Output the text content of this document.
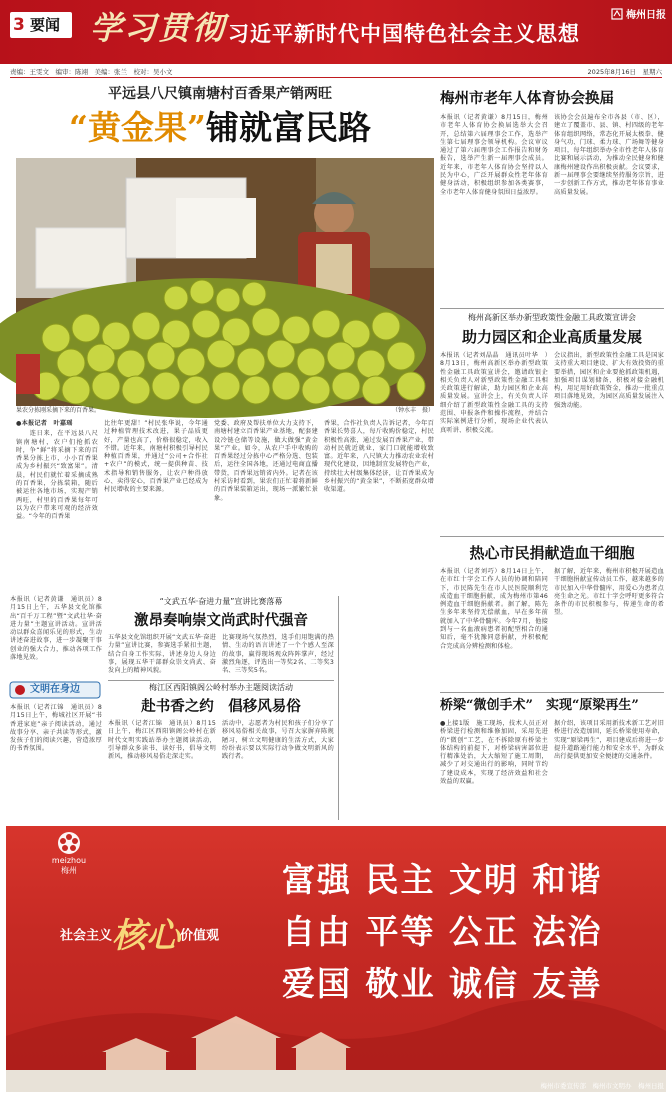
3 要闻 学习贯彻 习近平新时代中国特色社会主义思想
梅州日报
责编：王雯文　编审：陈翊　美编：张兰　校对：吴小文	2025年8月16日　星期六
平远县八尺镇南塘村百香果产销两旺
“黄金果”铺就富民路
果农分拣刚采摘下来的百香果。	（钟水丰　摄）
●本报记者　叶嘉瑶
　　连日来，在平远县八尺镇南塘村，农户们抢抓农时，争“鲜”将采摘下来的百香果分拣上市，小小百香果成为乡村振兴“致富果”。清晨，村民们就忙着采摘成熟的百香果，分拣装箱，随后被运往各地市场，实现产销两旺，村里的百香果每年可以为农户带来可观的经济效益。“今年的百香果
比往年更甜！”村民张华说，今年通过种植管理技术改进，果子品质更好，产量也高了，价格很稳定，收入不错。近年来，南塘村积极引导村民种植百香果，并通过“公司+合作社+农户”的模式，统一提供种苗、技术指导和销售服务，让农户种得放心、卖得安心，百香果产业已经成为村民增收的主要来源。
党委、政府及帮扶单位大力支持下，南塘村建立百香果产业基地，配套建设冷链仓储等设施，做大做强“黄金果”产业。如今，从农户手中收购的百香果经过分拣中心严格分选、包装后，运往全国各地，还通过电商直播带货，百香果远销省内外。记者在该村采访时看到，果农们正忙着将新鲜的百香果装箱运出，现场一派繁忙景象。
香果，合作社负责人告诉记者，今年百香果长势喜人，每斤收购价稳定，村民积极性高涨，通过发展百香果产业，带动村民就近就业，家门口就能增收致富。近年来，八尺镇大力推动农业农村现代化建设，因地制宜发展特色产业，持续壮大村级集体经济，让百香果成为乡村振兴的“黄金果”，不断拓宽群众增收渠道。
梅州市老年人体育协会换届
本报讯（记者黄谦）8月15日，梅州市老年人体育协会换届选举大会召开，总结第六届理事会工作，选举产生第七届理事会领导机构。会议审议通过了第六届理事会工作报告和财务报告，选举产生新一届理事会成员。近年来，市老年人体育协会坚持以人民为中心，广泛开展群众性老年体育健身活动，积极组织参加各类赛事，全市老年人体育健身氛围日益浓厚。
该协会会员遍布全市各县（市、区），建立了覆盖市、县、镇、村四级的老年体育组织网络，常态化开展太极拳、健身气功、门球、柔力球、广场舞等健身项目，每年组织举办全市性老年人体育比赛和展示活动，为推动全民健身和健康梅州建设作出积极贡献。会议要求，新一届理事会要继续坚持服务宗旨，进一步创新工作方式，推动老年体育事业高质量发展。
梅州高新区举办新型政策性金融工具政策宣讲会
助力园区和企业高质量发展
本报讯（记者刘晶晶　通讯员叶华　）8月13日，梅州高新区举办新型政策性金融工具政策宣讲会，邀请政银企相关负责人对新型政策性金融工具相关政策进行解读，助力园区和企业高质量发展。宣讲会上，有关负责人详细介绍了新型政策性金融工具的支持范围、申报条件和操作流程，并结合实际案例进行分析，现场企业代表认真听讲、积极交流。
会议指出，新型政策性金融工具是国家支持重大项目建设、扩大有效投资的重要举措，园区和企业要抢抓政策机遇，加强项目谋划储备，积极对接金融机构，用足用好政策资金，推动一批重点项目落地见效，为园区高质量发展注入强劲动能。
热心市民捐献造血干细胞
本报讯（记者刘巧）8月14日上午，在市红十字会工作人员的协调和陪同下，市民陈先生在市人民医院顺利完成造血干细胞捐献，成为梅州市第46例造血干细胞捐献者。据了解，陈先生多年来坚持无偿献血，早在多年前就加入了中华骨髓库。今年7月，他接到与一名血液病患者初配型相合的通知后，毫不犹豫同意捐献，并积极配合完成高分辨检测和体检。
据了解，近年来，梅州市积极开展造血干细胞捐献宣传动员工作，越来越多的市民加入中华骨髓库，用爱心为患者点亮生命之光。市红十字会呼吁更多符合条件的市民积极参与，传递生命的希望。
桥梁“微创手术”　实现“原梁再生”
●上接1版　施工现场，技术人员正对桥梁进行检测和维修加固，采用先进的“微创”工艺，在不拆除原有桥梁主体结构的前提下，对桥梁病害部位进行精准处治，大大缩短了施工周期，减少了对交通出行的影响，同时节约了建设成本，实现了经济效益和社会效益的双赢。
据介绍，该项目采用新技术新工艺对旧桥进行改造加固，延长桥梁使用寿命，实现“原梁再生”，项目建成后将进一步提升道路通行能力和安全水平，为群众出行提供更加安全便捷的交通条件。
本报讯（记者黄谦　通讯员）8月15日上午，五华县文化馆推出“百千万工程”暨“文武壮华·奋进力量”主题宣讲活动。宣讲活动以群众喜闻乐见的形式，生动讲述奋进故事，进一步凝聚干事创业的强大合力，推动各项工作落地见效。
文明在身边
本报讯（记者江锦　通讯员）8月15日上午，梅城社区开展“书香进家庭”亲子阅读活动，通过故事分享、亲子共读等形式，激发孩子们的阅读兴趣，营造浓厚的书香氛围。
“文武五华·奋进力量”宣讲比赛落幕
激昂奏响崇文尚武时代强音
五华县文化馆组织开展“文武五华·奋进力量”宣讲比赛，参赛选手紧扣主题，结合自身工作实际，讲述身边人身边事，展现五华干部群众崇文尚武、奋发向上的精神风貌。
比赛现场气氛热烈，选手们用饱满的热情、生动的语言讲述了一个个感人至深的故事，赢得现场观众阵阵掌声，经过激烈角逐，评选出一等奖2名、二等奖3名、三等奖5名。
梅江区西阳镇阁公岭村举办主题阅读活动
赴书香之约　倡移风易俗
本报讯（记者江锦　通讯员）8月15日上午，梅江区西阳镇阁公岭村在新时代文明实践站举办主题阅读活动，引导群众多读书、读好书，倡导文明新风，推动移风易俗走深走实。
活动中，志愿者为村民和孩子们分享了移风易俗相关故事，号召大家摒弃陈规陋习，树立文明健康的生活方式，大家纷纷表示要以实际行动争做文明新风的践行者。
meizhou
梅州
社会主义核心价值观
富强 民主 文明 和谐
自由 平等 公正 法治
爱国 敬业 诚信 友善
梅州市委宣传部　梅州市文明办　梅州日报社　宣
